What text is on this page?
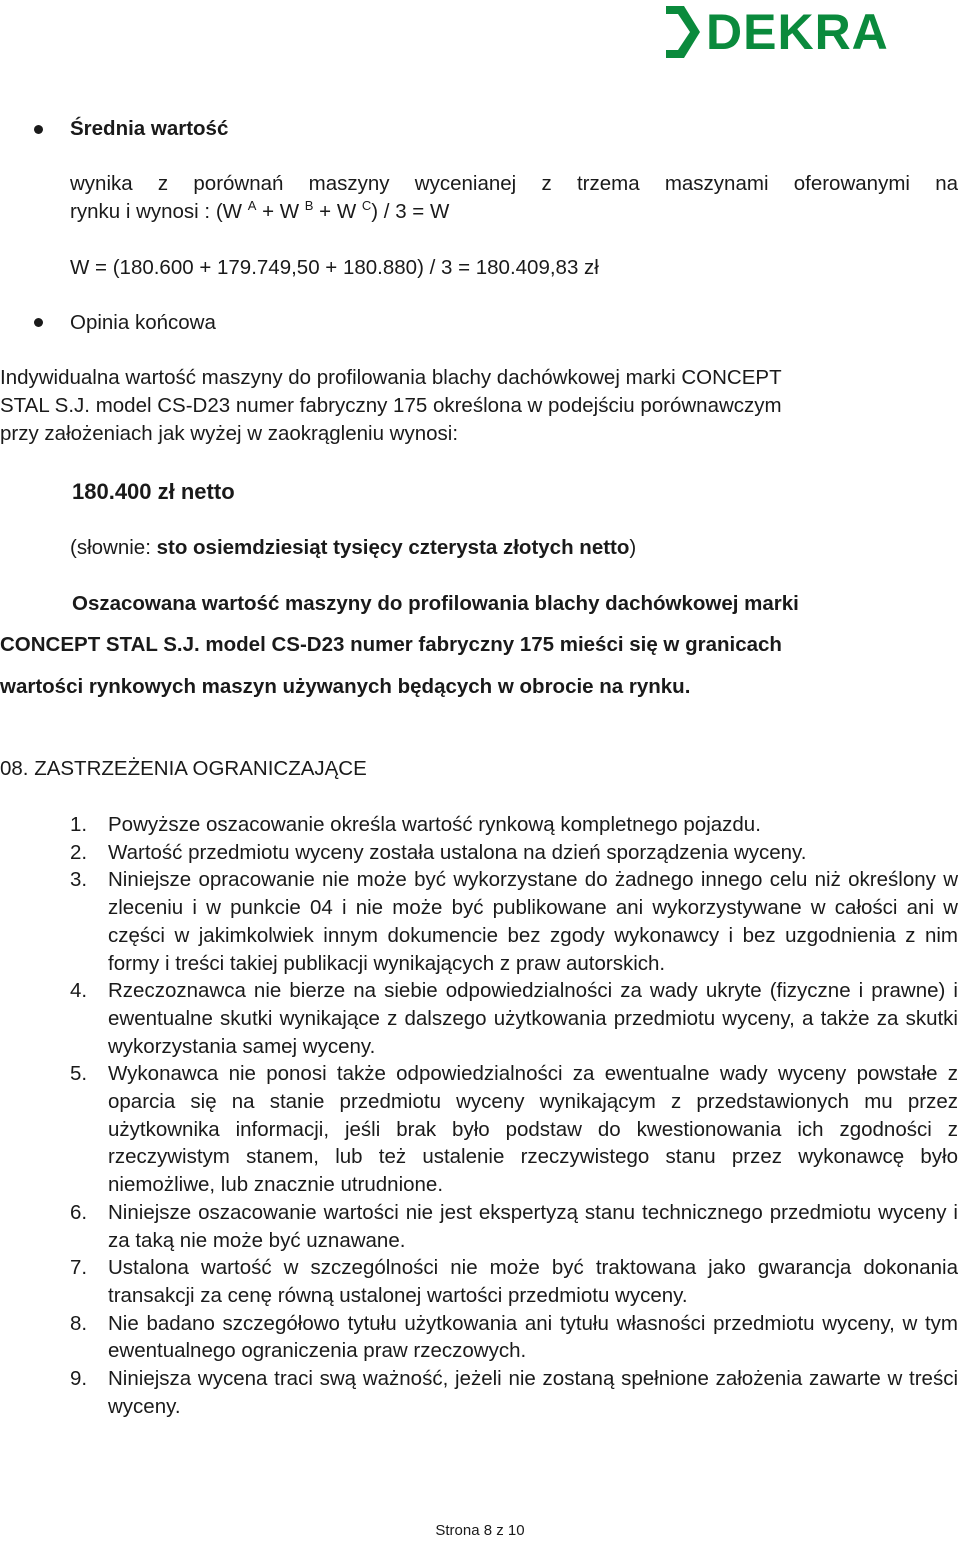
DEKRA
Średnia wartość
wynika z porównań maszyny wycenianej z trzema maszynami oferowanymi na
rynku i wynosi : (W $^A$ + W $^B$ + W $^C$) / 3 = W
W = (180.600 + 179.749,50 + 180.880) / 3 = 180.409,83 zł
Opinia końcowa
Indywidualna wartość maszyny do profilowania blachy dachówkowej marki CONCEPT
STAL S.J. model CS-D23 numer fabryczny 175 określona w podejściu porównawczym
przy założeniach jak wyżej w zaokrągleniu wynosi:
180.400 zł netto
(słownie: sto osiemdziesiąt tysięcy czterysta złotych netto)
Oszacowana wartość maszyny do profilowania blachy dachówkowej marki
CONCEPT STAL S.J. model CS-D23 numer fabryczny 175 mieści się w granicach
wartości rynkowych maszyn używanych będących w obrocie na rynku.
08. ZASTRZEŻENIA OGRANICZAJĄCE
1.	Powyższe oszacowanie określa wartość rynkową kompletnego pojazdu.
2.	Wartość przedmiotu wyceny została ustalona na dzień sporządzenia wyceny.
3.	Niniejsze opracowanie nie może być wykorzystane do żadnego innego celu niż określony w zleceniu i w punkcie 04 i nie może być publikowane ani wykorzystywane w całości ani w części w jakimkolwiek innym dokumencie bez zgody wykonawcy i bez uzgodnienia z nim formy i treści takiej publikacji wynikających z praw autorskich.
4.	Rzeczoznawca nie bierze na siebie odpowiedzialności za wady ukryte (fizyczne i prawne) i ewentualne skutki wynikające z dalszego użytkowania przedmiotu wyceny, a także za skutki wykorzystania samej wyceny.
5.	Wykonawca nie ponosi także odpowiedzialności za ewentualne wady wyceny powstałe z oparcia się na stanie przedmiotu wyceny wynikającym z przedstawionych mu przez użytkownika informacji, jeśli brak było podstaw do kwestionowania ich zgodności z rzeczywistym stanem, lub też ustalenie rzeczywistego stanu przez wykonawcę było niemożliwe, lub znacznie utrudnione.
6.	Niniejsze oszacowanie wartości nie jest ekspertyzą stanu technicznego przedmiotu wyceny i za taką nie może być uznawane.
7.	Ustalona wartość w szczególności nie może być traktowana jako gwarancja dokonania transakcji za cenę równą ustalonej wartości przedmiotu wyceny.
8.	Nie badano szczegółowo tytułu użytkowania ani tytułu własności przedmiotu wyceny, w tym ewentualnego ograniczenia praw rzeczowych.
9.	Niniejsza wycena traci swą ważność, jeżeli nie zostaną spełnione założenia zawarte w treści wyceny.
Strona 8 z 10
